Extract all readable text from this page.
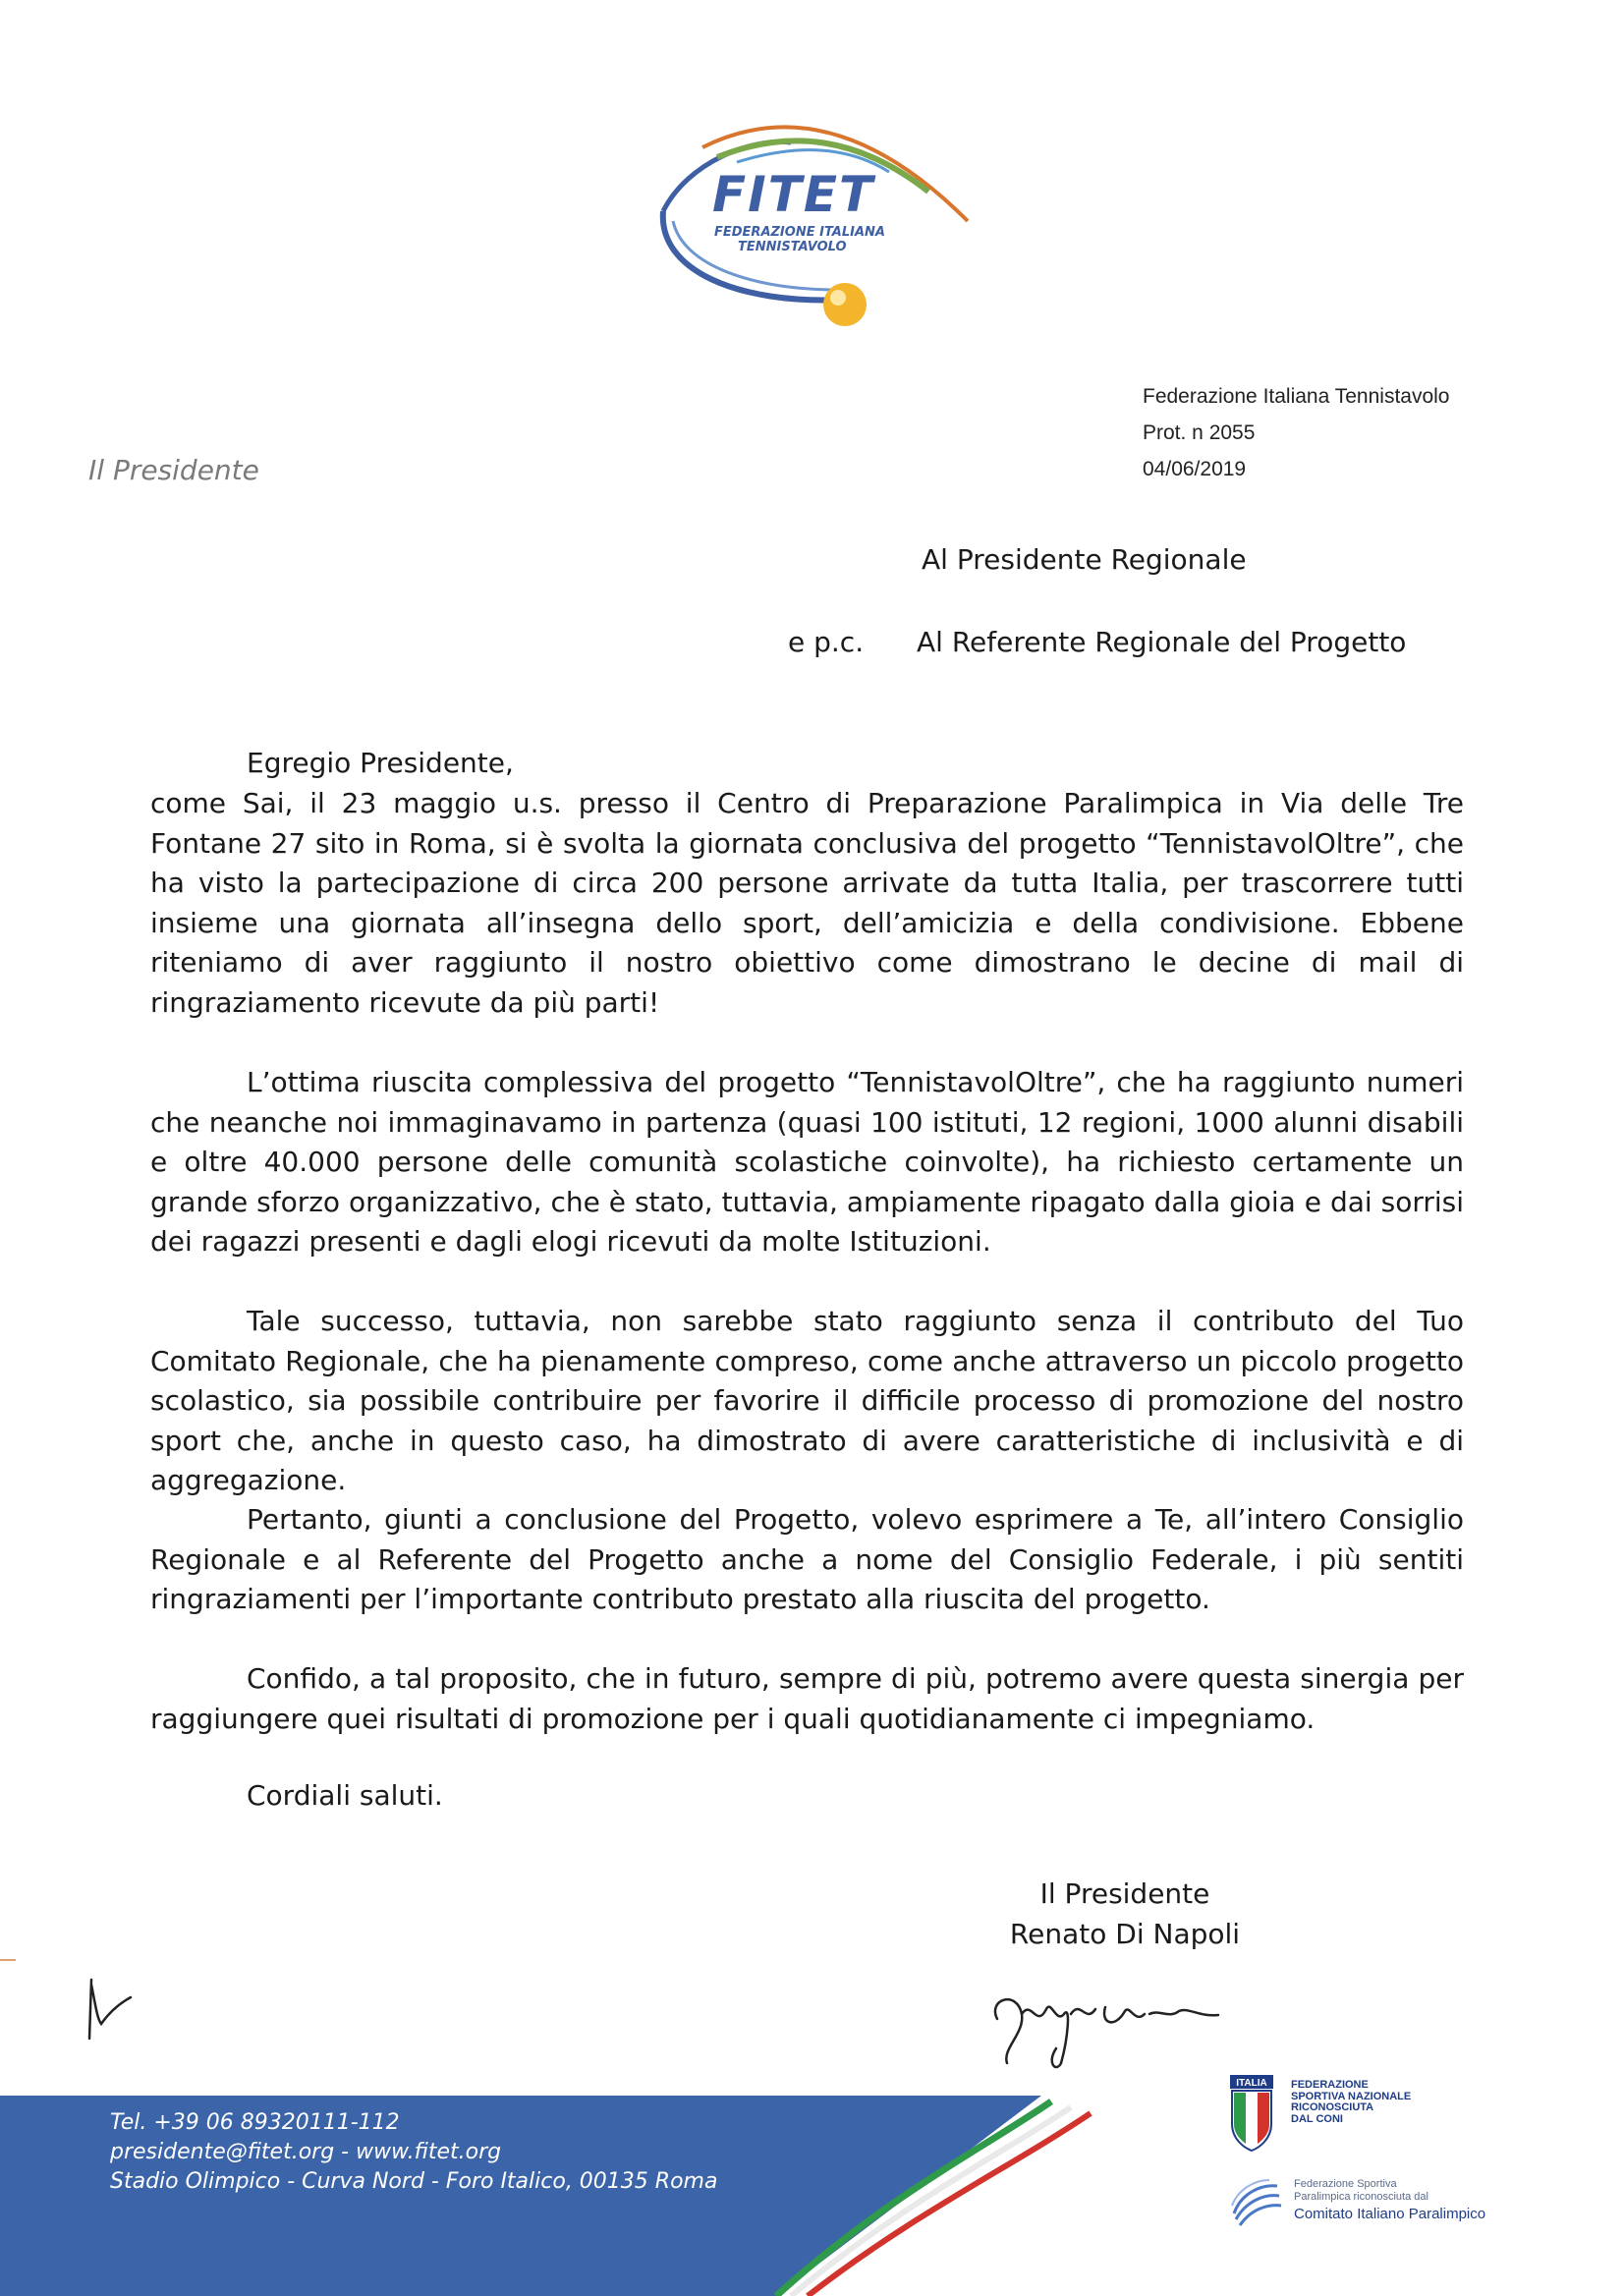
FITET
FEDERAZIONE ITALIANA
TENNISTAVOLO
Federazione Italiana Tennistavolo
Prot. n 2055
04/06/2019
Il Presidente
Al Presidente Regionale
e p.c. Al Referente Regionale del Progetto

Egregio Presidente,

come Sai, il 23 maggio u.s. presso il Centro di Preparazione Paralimpica in Via delle Tre Fontane 27 sito in Roma, si è svolta la giornata conclusiva del progetto “TennistavolOltre”, che ha visto la partecipazione di circa 200 persone arrivate da tutta Italia, per trascorrere tutti insieme una giornata all’insegna dello sport, dell’amicizia e della condivisione. Ebbene riteniamo di aver raggiunto il nostro obiettivo come dimostrano le decine di mail di ringraziamento ricevute da più parti!

L’ottima riuscita complessiva del progetto “TennistavolOltre”, che ha raggiunto numeri che neanche noi immaginavamo in partenza (quasi 100 istituti, 12 regioni, 1000 alunni disabili e oltre 40.000 persone delle comunità scolastiche coinvolte), ha richiesto certamente un grande sforzo organizzativo, che è stato, tuttavia, ampiamente ripagato dalla gioia e dai sorrisi dei ragazzi presenti e dagli elogi ricevuti da molte Istituzioni.

Tale successo, tuttavia, non sarebbe stato raggiunto senza il contributo del Tuo Comitato Regionale, che ha pienamente compreso, come anche attraverso un piccolo progetto scolastico, sia possibile contribuire per favorire il difficile processo di promozione del nostro sport che, anche in questo caso, ha dimostrato di avere caratteristiche di inclusività e di aggregazione.

Pertanto, giunti a conclusione del Progetto, volevo esprimere a Te, all’intero Consiglio Regionale e al Referente del Progetto anche a nome del Consiglio Federale, i più sentiti ringraziamenti per l’importante contributo prestato alla riuscita del progetto.

Confido, a tal proposito, che in futuro, sempre di più, potremo avere questa sinergia per raggiungere quei risultati di promozione per i quali quotidianamente ci impegniamo.

Cordiali saluti.
Il Presidente
Renato Di Napoli
Tel. +39 06 89320111-112
presidente@fitet.org - www.fitet.org
Stadio Olimpico - Curva Nord - Foro Italico, 00135 Roma
ITALIA FEDERAZIONE
SPORTIVA NAZIONALE
RICONOSCIUTA
DAL CONI
Federazione Sportiva
Paralimpica riconosciuta dal
Comitato Italiano Paralimpico
